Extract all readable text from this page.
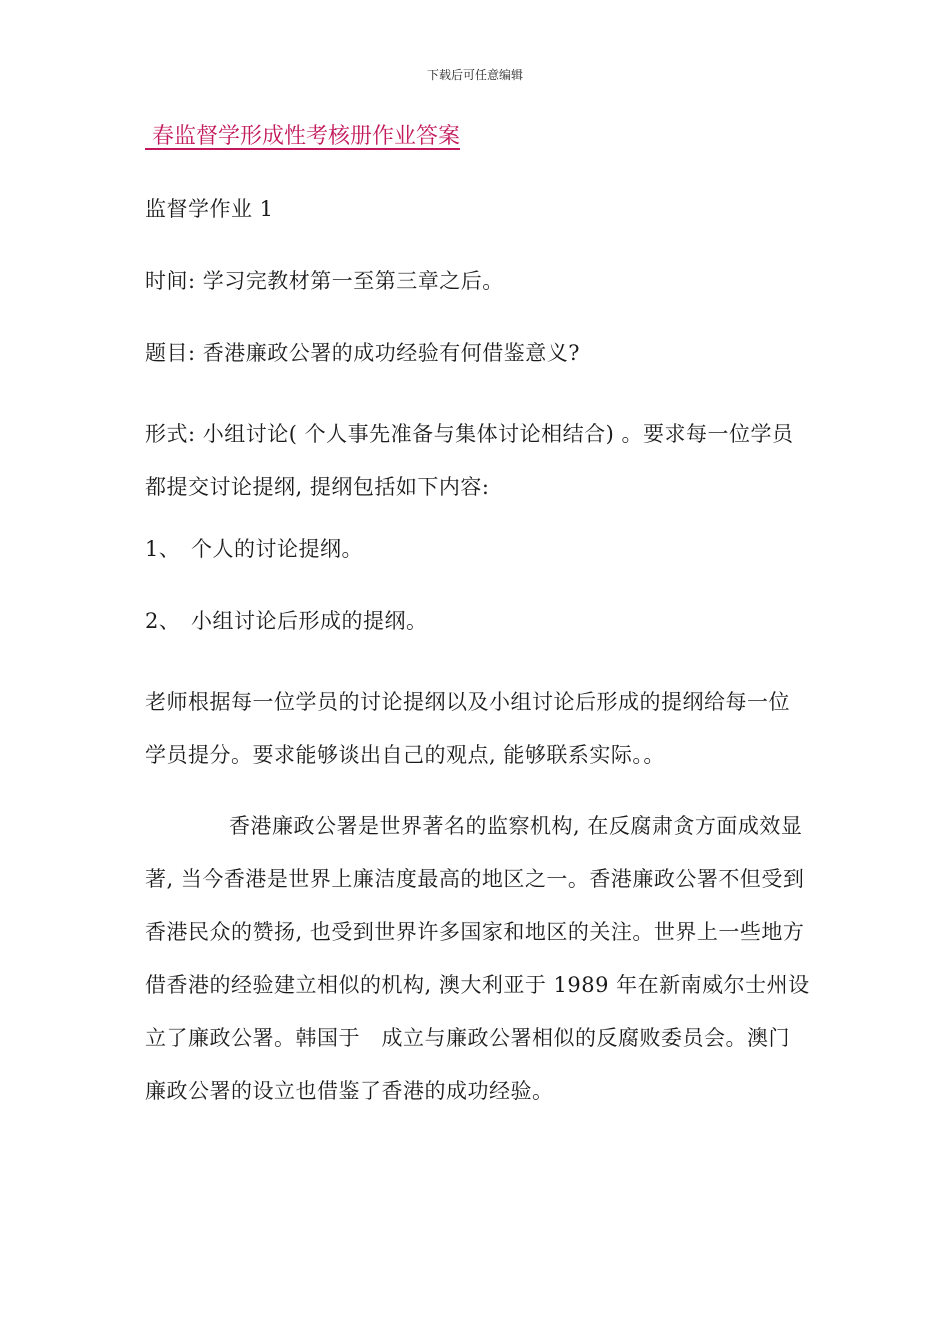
下载后可任意编辑

春监督学形成性考核册作业答案

监督学作业 1

时间: 学习完教材第一至第三章之后。

题目: 香港廉政公署的成功经验有何借鉴意义?

形式: 小组讨论( 个人事先准备与集体讨论相结合) 。要求每一位学员都提交讨论提纲, 提纲包括如下内容:

1、 个人的讨论提纲。

2、 小组讨论后形成的提纲。

老师根据每一位学员的讨论提纲以及小组讨论后形成的提纲给每一位学员提分。要求能够谈出自己的观点, 能够联系实际。。

香港廉政公署是世界著名的监察机构, 在反腐肃贪方面成效显著, 当今香港是世界上廉洁度最高的地区之一。香港廉政公署不但受到香港民众的赞扬, 也受到世界许多国家和地区的关注。世界上一些地方借香港的经验建立相似的机构, 澳大利亚于 1989 年在新南威尔士州设立了廉政公署。韩国于　成立与廉政公署相似的反腐败委员会。澳门廉政公署的设立也借鉴了香港的成功经验。
